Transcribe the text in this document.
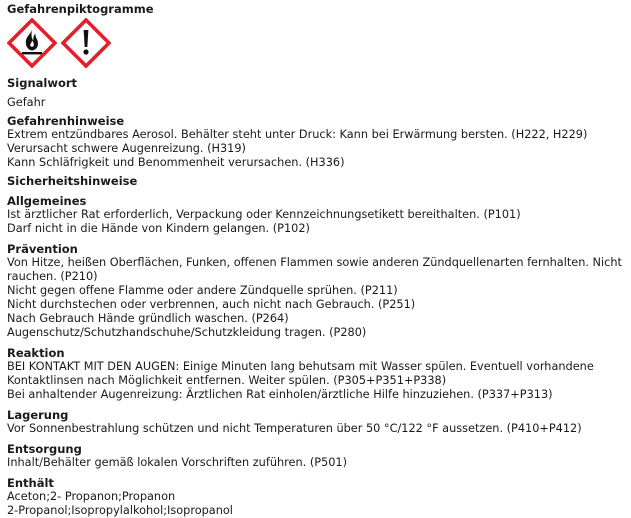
Gefahrenpiktogramme
Signalwort
Gefahr
Gefahrenhinweise

Extrem entzündbares Aerosol. Behälter steht unter Druck: Kann bei Erwärmung bersten. (H222, H229)

Verursacht schwere Augenreizung. (H319)

Kann Schläfrigkeit und Benommenheit verursachen. (H336)

Sicherheitshinweise
Allgemeines

Ist ärztlicher Rat erforderlich, Verpackung oder Kennzeichnungsetikett bereithalten. (P101)

Darf nicht in die Hände von Kindern gelangen. (P102)

Prävention

Von Hitze, heißen Oberflächen, Funken, offenen Flammen sowie anderen Zündquellenarten fernhalten. Nicht rauchen. (P210)

Nicht gegen offene Flamme oder andere Zündquelle sprühen. (P211)

Nicht durchstechen oder verbrennen, auch nicht nach Gebrauch. (P251)

Nach Gebrauch Hände gründlich waschen. (P264)

Augenschutz/Schutzhandschuhe/Schutzkleidung tragen. (P280)

Reaktion

BEI KONTAKT MIT DEN AUGEN: Einige Minuten lang behutsam mit Wasser spülen. Eventuell vorhandene Kontaktlinsen nach Möglichkeit entfernen. Weiter spülen. (P305+P351+P338)

Bei anhaltender Augenreizung: Ärztlichen Rat einholen/ärztliche Hilfe hinzuziehen. (P337+P313)

Lagerung

Vor Sonnenbestrahlung schützen und nicht Temperaturen über 50 °C/122 °F aussetzen. (P410+P412)

Entsorgung

Inhalt/Behälter gemäß lokalen Vorschriften zuführen. (P501)

Enthält

Aceton;2- Propanon;Propanon

2-Propanol;Isopropylalkohol;Isopropanol
